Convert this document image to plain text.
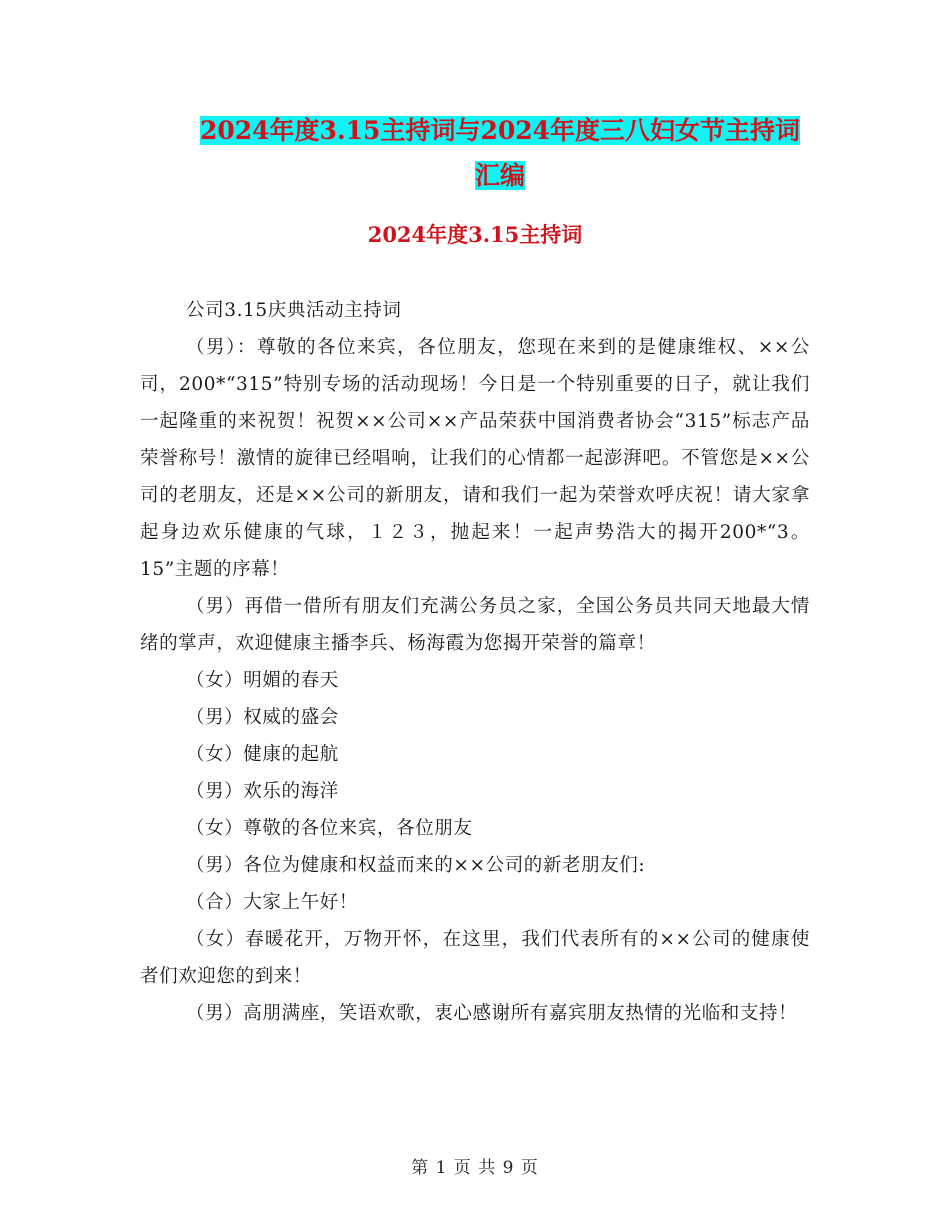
2024年度3.15主持词与2024年度三八妇女节主持词
汇编
2024年度3.15主持词

公司3.15庆典活动主持词

（男）：尊敬的各位来宾，各位朋友，您现在来到的是健康维权、××公司，200*“315”特别专场的活动现场！今日是一个特别重要的日子，就让我们一起隆重的来祝贺！祝贺××公司××产品荣获中国消费者协会“315”标志产品荣誉称号！激情的旋律已经唱响，让我们的心情都一起澎湃吧。不管您是××公司的老朋友，还是××公司的新朋友，请和我们一起为荣誉欢呼庆祝！请大家拿起身边欢乐健康的气球，１２３，抛起来！一起声势浩大的揭开200*“3。15”主题的序幕！

（男）再借一借所有朋友们充满公务员之家，全国公务员共同天地最大情绪的掌声，欢迎健康主播李兵、杨海霞为您揭开荣誉的篇章！

（女）明媚的春天

（男）权威的盛会

（女）健康的起航

（男）欢乐的海洋

（女）尊敬的各位来宾，各位朋友

（男）各位为健康和权益而来的××公司的新老朋友们:

（合）大家上午好！

（女）春暖花开，万物开怀，在这里，我们代表所有的××公司的健康使者们欢迎您的到来！

（男）高朋满座，笑语欢歌，衷心感谢所有嘉宾朋友热情的光临和支持！

第 1 页 共 9 页
